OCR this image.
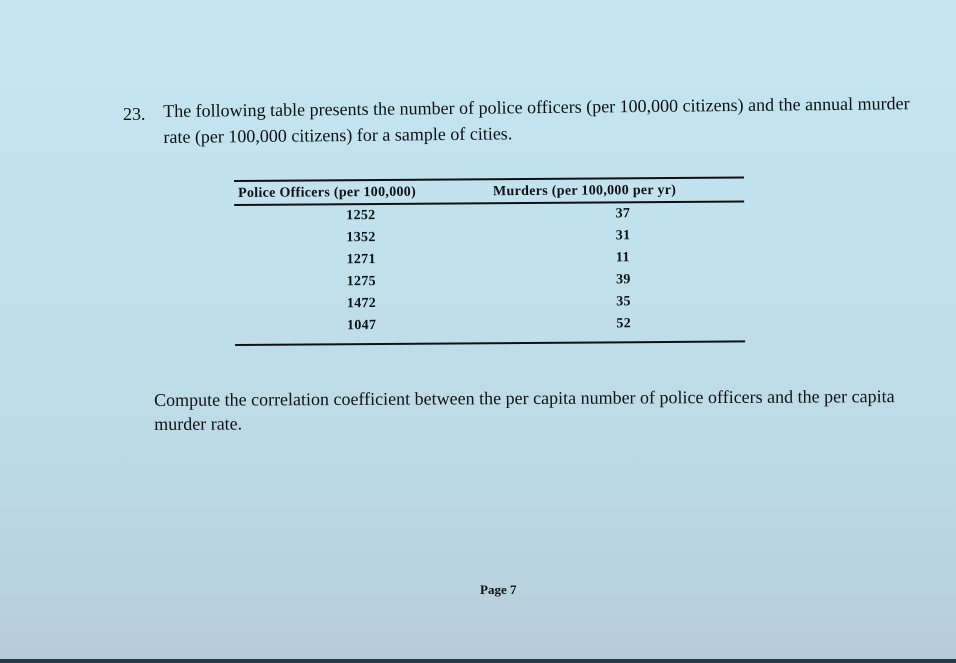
23. The following table presents the number of police officers (per 100,000 citizens) and the annual murder rate (per 100,000 citizens) for a sample of cities.
Police Officers (per 100,000)	Murders (per 100,000 per yr)
1252	37
1352	31
1271	11
1275	39
1472	35
1047	52
Compute the correlation coefficient between the per capita number of police officers and the per capita murder rate.
Page 7
